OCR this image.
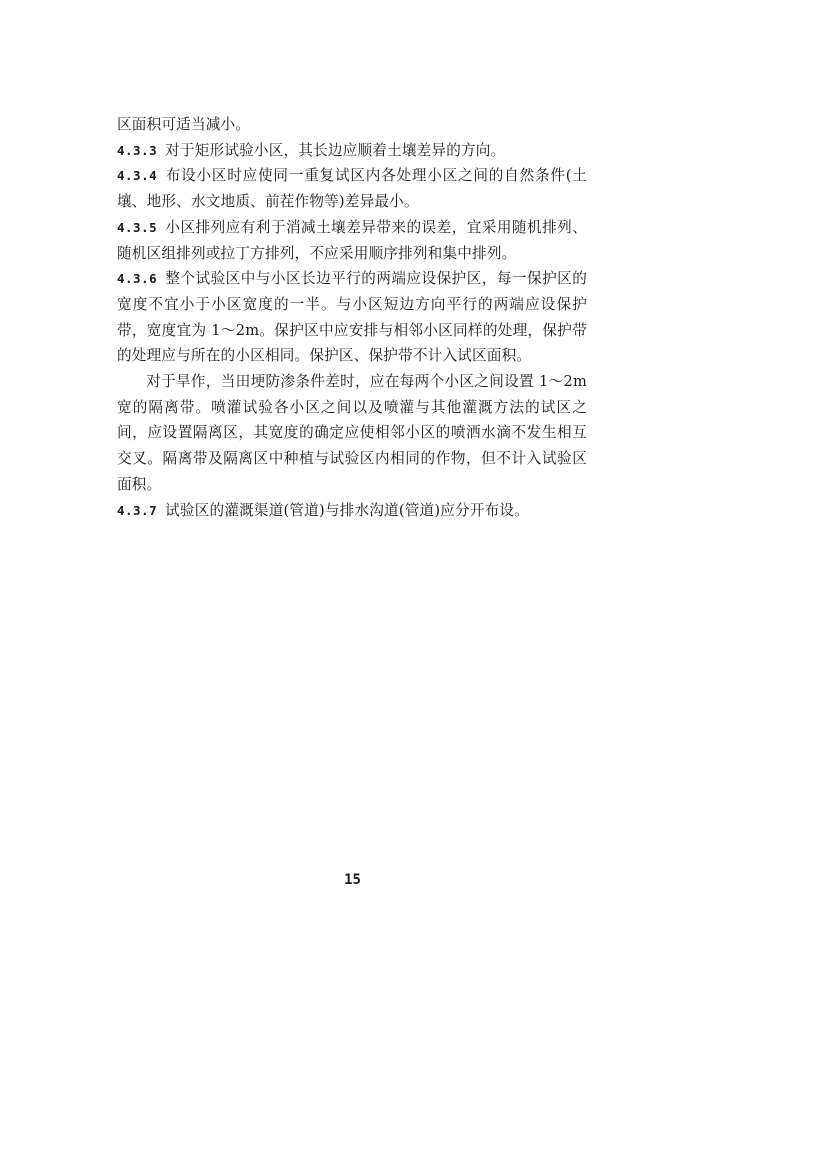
区面积可适当减小。

4.3.3 对于矩形试验小区，其长边应顺着土壤差异的方向。

4.3.4 布设小区时应使同一重复试区内各处理小区之间的自然条件(土壤、地形、水文地质、前茬作物等)差异最小。

4.3.5 小区排列应有利于消减土壤差异带来的误差，宜采用随机排列、随机区组排列或拉丁方排列，不应采用顺序排列和集中排列。

4.3.6 整个试验区中与小区长边平行的两端应设保护区，每一保护区的宽度不宜小于小区宽度的一半。与小区短边方向平行的两端应设保护带，宽度宜为 1～2m。保护区中应安排与相邻小区同样的处理，保护带的处理应与所在的小区相同。保护区、保护带不计入试区面积。

对于旱作，当田埂防渗条件差时，应在每两个小区之间设置 1～2m 宽的隔离带。喷灌试验各小区之间以及喷灌与其他灌溉方法的试区之间，应设置隔离区，其宽度的确定应使相邻小区的喷洒水滴不发生相互交叉。隔离带及隔离区中种植与试验区内相同的作物，但不计入试验区面积。

4.3.7 试验区的灌溉渠道(管道)与排水沟道(管道)应分开布设。

15
